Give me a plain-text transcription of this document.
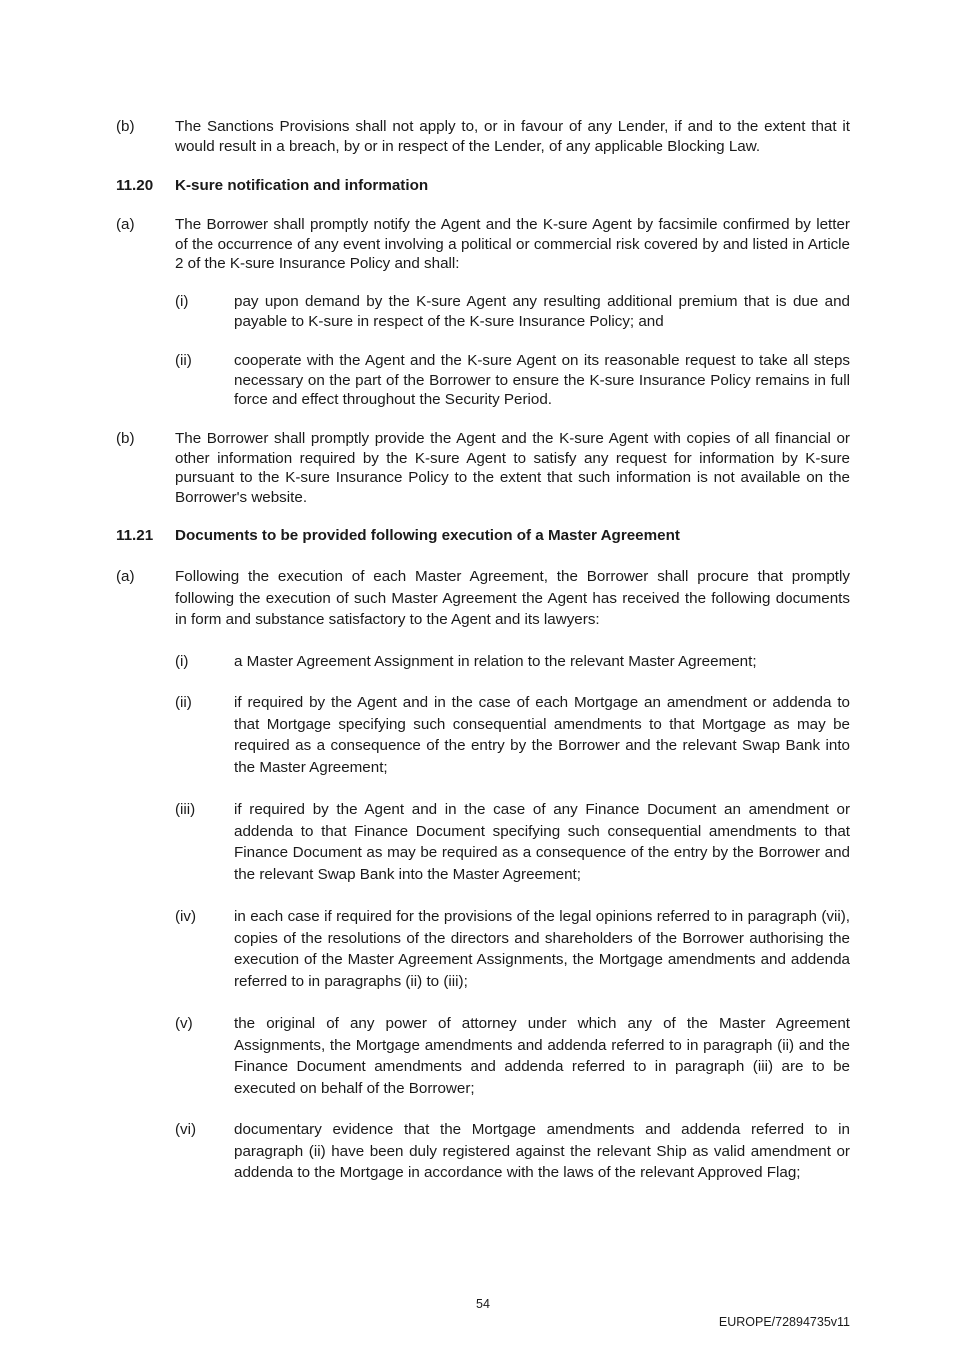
(b)	The Sanctions Provisions shall not apply to, or in favour of any Lender, if and to the extent that it would result in a breach, by or in respect of the Lender, of any applicable Blocking Law.
11.20 K-sure notification and information
(a)	The Borrower shall promptly notify the Agent and the K-sure Agent by facsimile confirmed by letter of the occurrence of any event involving a political or commercial risk covered by and listed in Article 2 of the K-sure Insurance Policy and shall:
(i)	pay upon demand by the K-sure Agent any resulting additional premium that is due and payable to K-sure in respect of the K-sure Insurance Policy; and
(ii)	cooperate with the Agent and the K-sure Agent on its reasonable request to take all steps necessary on the part of the Borrower to ensure the K-sure Insurance Policy remains in full force and effect throughout the Security Period.
(b)	The Borrower shall promptly provide the Agent and the K-sure Agent with copies of all financial or other information required by the K-sure Agent to satisfy any request for information by K-sure pursuant to the K-sure Insurance Policy to the extent that such information is not available on the Borrower's website.
11.21 Documents to be provided following execution of a Master Agreement
(a)	Following the execution of each Master Agreement, the Borrower shall procure that promptly following the execution of such Master Agreement the Agent has received the following documents in form and substance satisfactory to the Agent and its lawyers:
(i)	a Master Agreement Assignment in relation to the relevant Master Agreement;
(ii)	if required by the Agent and in the case of each Mortgage an amendment or addenda to that Mortgage specifying such consequential amendments to that Mortgage as may be required as a consequence of the entry by the Borrower and the relevant Swap Bank into the Master Agreement;
(iii)	if required by the Agent and in the case of any Finance Document an amendment or addenda to that Finance Document specifying such consequential amendments to that Finance Document as may be required as a consequence of the entry by the Borrower and the relevant Swap Bank into the Master Agreement;
(iv) in each case if required for the provisions of the legal opinions referred to in paragraph (vii), copies of the resolutions of the directors and shareholders of the Borrower authorising the execution of the Master Agreement Assignments, the Mortgage amendments and addenda referred to in paragraphs (ii) to (iii);
(v)	the original of any power of attorney under which any of the Master Agreement Assignments, the Mortgage amendments and addenda referred to in paragraph (ii) and the Finance Document amendments and addenda referred to in paragraph (iii) are to be executed on behalf of the Borrower;
(vi) documentary evidence that the Mortgage amendments and addenda referred to in paragraph (ii) have been duly registered against the relevant Ship as valid amendment or addenda to the Mortgage in accordance with the laws of the relevant Approved Flag;
54
EUROPE/72894735v11
